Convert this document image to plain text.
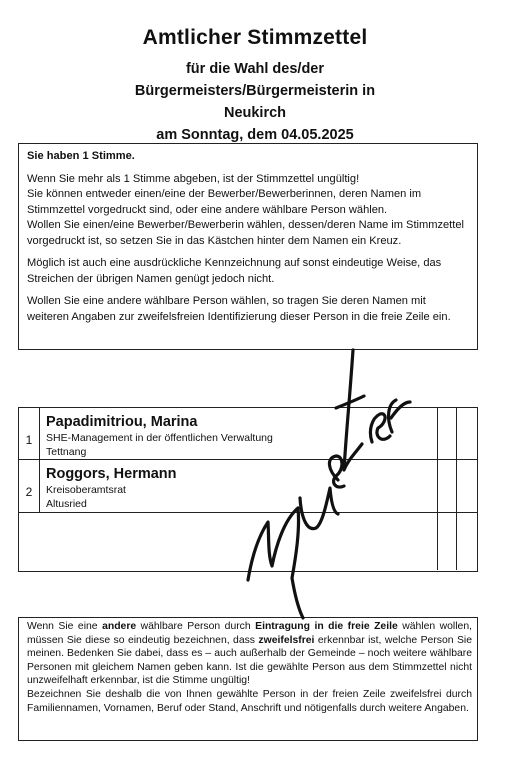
Amtlicher Stimmzettel
für die Wahl des/der
Bürgermeisters/Bürgermeisterin in
Neukirch
am Sonntag, dem 04.05.2025
Sie haben 1 Stimme.
Wenn Sie mehr als 1 Stimme abgeben, ist der Stimmzettel ungültig!
Sie können entweder einen/eine der Bewerber/Bewerberinnen, deren Namen im Stimmzettel vorgedruckt sind, oder eine andere wählbare Person wählen.

Wollen Sie einen/eine Bewerber/Bewerberin wählen, dessen/deren Name im Stimmzettel vorgedruckt ist, so setzen Sie in das Kästchen hinter dem Namen ein Kreuz.

Möglich ist auch eine ausdrückliche Kennzeichnung auf sonst eindeutige Weise, das Streichen der übrigen Namen genügt jedoch nicht.

Wollen Sie eine andere wählbare Person wählen, so tragen Sie deren Namen mit weiteren Angaben zur zweifelsfreien Identifizierung dieser Person in die freie Zeile ein.

1
Papadimitriou, Marina
SHE-Management in der öffentlichen Verwaltung
Tettnang
2
Roggors, Hermann
Kreisoberamtsrat
Altusried
Wenn Sie eine andere wählbare Person durch Eintragung in die freie Zeile wählen wollen, müssen Sie diese so eindeutig bezeichnen, dass zweifelsfrei erkennbar ist, welche Person Sie meinen. Bedenken Sie dabei, dass es – auch außerhalb der Gemeinde – noch weitere wählbare Personen mit gleichem Namen geben kann. Ist die gewählte Person aus dem Stimmzettel nicht unzweifelhaft erkennbar, ist die Stimme ungültig!
Bezeichnen Sie deshalb die von Ihnen gewählte Person in der freien Zeile zweifelsfrei durch Familiennamen, Vornamen, Beruf oder Stand, Anschrift und nötigenfalls durch weitere Angaben.
